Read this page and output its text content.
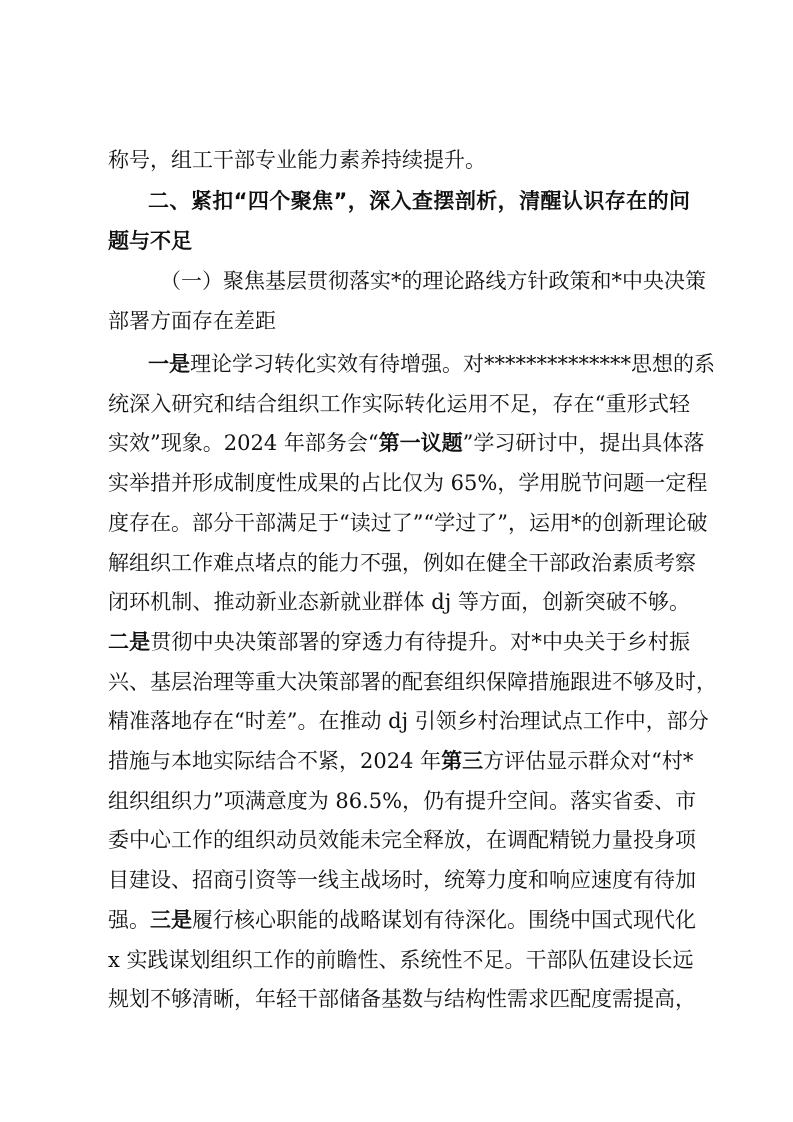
称号，组工干部专业能力素养持续提升。
二、紧扣“四个聚焦”，深入查摆剖析，清醒认识存在的问
题与不足
（一）聚焦基层贯彻落实*的理论路线方针政策和*中央决策
部署方面存在差距
一是理论学习转化实效有待增强。对**************思想的系
统深入研究和结合组织工作实际转化运用不足，存在“重形式轻
实效”现象。2024 年部务会“第一议题”学习研讨中，提出具体落
实举措并形成制度性成果的占比仅为 65%，学用脱节问题一定程
度存在。部分干部满足于“读过了”“学过了”，运用*的创新理论破
解组织工作难点堵点的能力不强，例如在健全干部政治素质考察
闭环机制、推动新业态新就业群体 dj 等方面，创新突破不够。
二是贯彻中央决策部署的穿透力有待提升。对*中央关于乡村振
兴、基层治理等重大决策部署的配套组织保障措施跟进不够及时，
精准落地存在“时差”。在推动 dj 引领乡村治理试点工作中，部分
措施与本地实际结合不紧，2024 年第三方评估显示群众对“村*
组织组织力”项满意度为 86.5%，仍有提升空间。落实省委、市
委中心工作的组织动员效能未完全释放，在调配精锐力量投身项
目建设、招商引资等一线主战场时，统筹力度和响应速度有待加
强。三是履行核心职能的战略谋划有待深化。围绕中国式现代化
x 实践谋划组织工作的前瞻性、系统性不足。干部队伍建设长远
规划不够清晰，年轻干部储备基数与结构性需求匹配度需提高，
